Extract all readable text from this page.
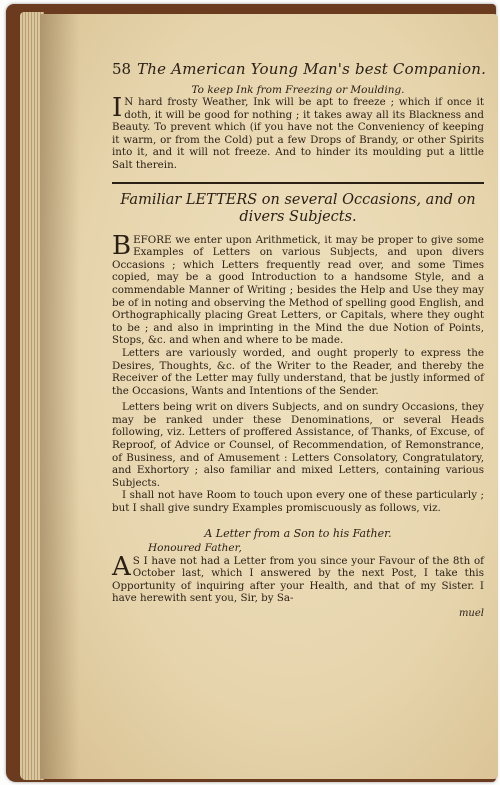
58 The American Young Man's best Companion.
To keep Ink from Freezing or Moulding.

IN hard frosty Weather, Ink will be apt to freeze ; which if once it doth, it will be good for nothing ; it takes away all its Blackness and Beauty. To prevent which (if you have not the Conveniency of keeping it warm, or from the Cold) put a few Drops of Brandy, or other Spirits into it, and it will not freeze. And to hinder its moulding put a little Salt therein.

Familiar LETTERS on several Occasions, and on divers Subjects.

BEFORE we enter upon Arithmetick, it may be proper to give some Examples of Letters on various Subjects, and upon divers Occasions ; which Letters frequently read over, and some Times copied, may be a good Introduction to a handsome Style, and a commendable Manner of Writing ; besides the Help and Use they may be of in noting and observing the Method of spelling good English, and Orthographically placing Great Letters, or Capitals, where they ought to be ; and also in imprinting in the Mind the due Notion of Points, Stops, &c. and when and where to be made.

Letters are variously worded, and ought properly to express the Desires, Thoughts, &c. of the Writer to the Reader, and thereby the Receiver of the Letter may fully understand, that be justly informed of the Occasions, Wants and Intentions of the Sender.

Letters being writ on divers Subjects, and on sundry Occasions, they may be ranked under these Denominations, or several Heads following, viz. Letters of proffered Assistance, of Thanks, of Excuse, of Reproof, of Advice or Counsel, of Recommendation, of Remonstrance, of Business, and of Amusement : Letters Consolatory, Congratulatory, and Exhortory ; also familiar and mixed Letters, containing various Subjects.

I shall not have Room to touch upon every one of these particularly ; but I shall give sundry Examples promiscuously as follows, viz.

A Letter from a Son to his Father.
Honoured Father,

AS I have not had a Letter from you since your Favour of the 8th of October last, which I answered by the next Post, I take this Opportunity of inquiring after your Health, and that of my Sister. I have herewith sent you, Sir, by Sa-

muel
